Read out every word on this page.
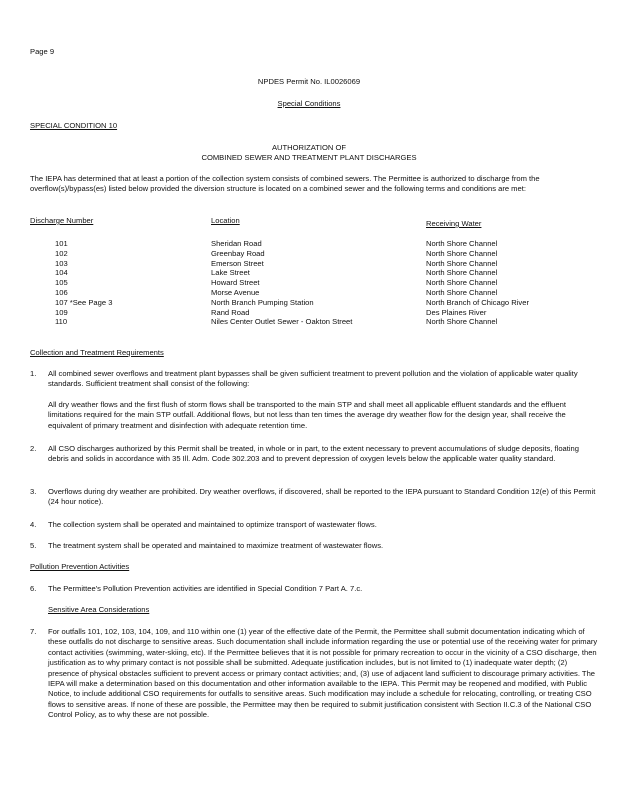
Page 9
NPDES Permit No. IL0026069
Special Conditions
SPECIAL CONDITION 10
AUTHORIZATION OF
COMBINED SEWER AND TREATMENT PLANT DISCHARGES
The IEPA has determined that at least a portion of the collection system consists of combined sewers. The Permittee is authorized to discharge from the overflow(s)/bypass(es) listed below provided the diversion structure is located on a combined sewer and the following terms and conditions are met:
Discharge Number	Location	Receiving Water
101	Sheridan Road	North Shore Channel
102	Greenbay Road	North Shore Channel
103	Emerson Street	North Shore Channel
104	Lake Street	North Shore Channel
105	Howard Street	North Shore Channel
106	Morse Avenue	North Shore Channel
107 *See Page 3	North Branch Pumping Station	North Branch of Chicago River
109	Rand Road	Des Plaines River
110	Niles Center Outlet Sewer - Oakton Street	North Shore Channel
Collection and Treatment Requirements
1. All combined sewer overflows and treatment plant bypasses shall be given sufficient treatment to prevent pollution and the violation of applicable water quality standards. Sufficient treatment shall consist of the following:
All dry weather flows and the first flush of storm flows shall be transported to the main STP and shall meet all applicable effluent standards and the effluent limitations required for the main STP outfall. Additional flows, but not less than ten times the average dry weather flow for the design year, shall receive the equivalent of primary treatment and disinfection with adequate retention time.
2. All CSO discharges authorized by this Permit shall be treated, in whole or in part, to the extent necessary to prevent accumulations of sludge deposits, floating debris and solids in accordance with 35 Ill. Adm. Code 302.203 and to prevent depression of oxygen levels below the applicable water quality standard.
3. Overflows during dry weather are prohibited. Dry weather overflows, if discovered, shall be reported to the IEPA pursuant to Standard Condition 12(e) of this Permit (24 hour notice).
4. The collection system shall be operated and maintained to optimize transport of wastewater flows.
5. The treatment system shall be operated and maintained to maximize treatment of wastewater flows.
Pollution Prevention Activities
6. The Permittee's Pollution Prevention activities are identified in Special Condition 7 Part A. 7.c.
Sensitive Area Considerations
7. For outfalls 101, 102, 103, 104, 109, and 110 within one (1) year of the effective date of the Permit, the Permittee shall submit documentation indicating which of these outfalls do not discharge to sensitive areas. Such documentation shall include information regarding the use or potential use of the receiving water for primary contact activities (swimming, water-skiing, etc). If the Permittee believes that it is not possible for primary recreation to occur in the vicinity of a CSO discharge, then justification as to why primary contact is not possible shall be submitted. Adequate justification includes, but is not limited to (1) inadequate water depth; (2) presence of physical obstacles sufficient to prevent access or primary contact activities; and, (3) use of adjacent land sufficient to discourage primary activities. The IEPA will make a determination based on this documentation and other information available to the IEPA. This Permit may be reopened and modified, with Public Notice, to include additional CSO requirements for outfalls to sensitive areas. Such modification may include a schedule for relocating, controlling, or treating CSO flows to sensitive areas. If none of these are possible, the Permittee may then be required to submit justification consistent with Section II.C.3 of the National CSO Control Policy, as to why these are not possible.
